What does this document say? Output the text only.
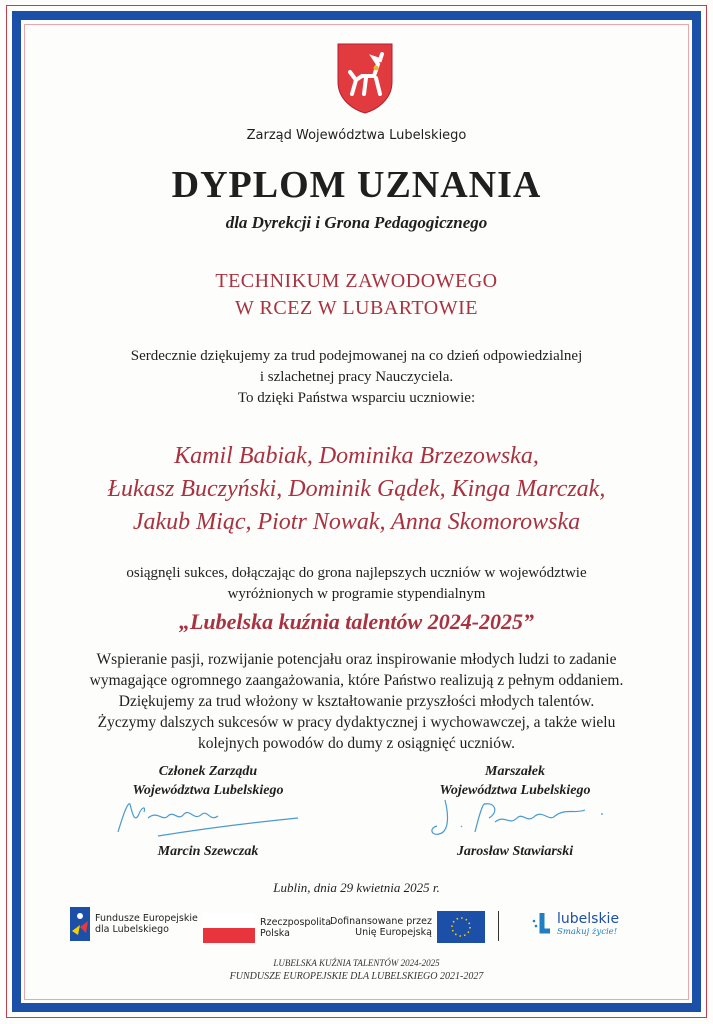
Zarząd Województwa Lubelskiego
DYPLOM UZNANIA
dla Dyrekcji i Grona Pedagogicznego
TECHNIKUM ZAWODOWEGO
W RCEZ W LUBARTOWIE
Serdecznie dziękujemy za trud podejmowanej na co dzień odpowiedzialnej
i szlachetnej pracy Nauczyciela.
To dzięki Państwa wsparciu uczniowie:
Kamil Babiak, Dominika Brzezowska,
Łukasz Buczyński, Dominik Gądek, Kinga Marczak,
Jakub Miąc, Piotr Nowak, Anna Skomorowska
osiągnęli sukces, dołączając do grona najlepszych uczniów w województwie
wyróżnionych w programie stypendialnym
„Lubelska kuźnia talentów 2024-2025”
Wspieranie pasji, rozwijanie potencjału oraz inspirowanie młodych ludzi to zadanie
wymagające ogromnego zaangażowania, które Państwo realizują z pełnym oddaniem.
Dziękujemy za trud włożony w kształtowanie przyszłości młodych talentów.
Życzymy dalszych sukcesów w pracy dydaktycznej i wychowawczej, a także wielu
kolejnych powodów do dumy z osiągnięć uczniów.
Członek Zarządu
Województwa Lubelskiego
Marcin Szewczak
Marszałek
Województwa Lubelskiego
Jarosław Stawiarski
Lublin, dnia 29 kwietnia 2025 r.
Fundusze Europejskie
dla Lubelskiego
Rzeczpospolita
Polska
Dofinansowane przez
Unię Europejską
lubelskie
Smakuj życie!
LUBELSKA KUŹNIA TALENTÓW 2024-2025
FUNDUSZE EUROPEJSKIE DLA LUBELSKIEGO 2021-2027
